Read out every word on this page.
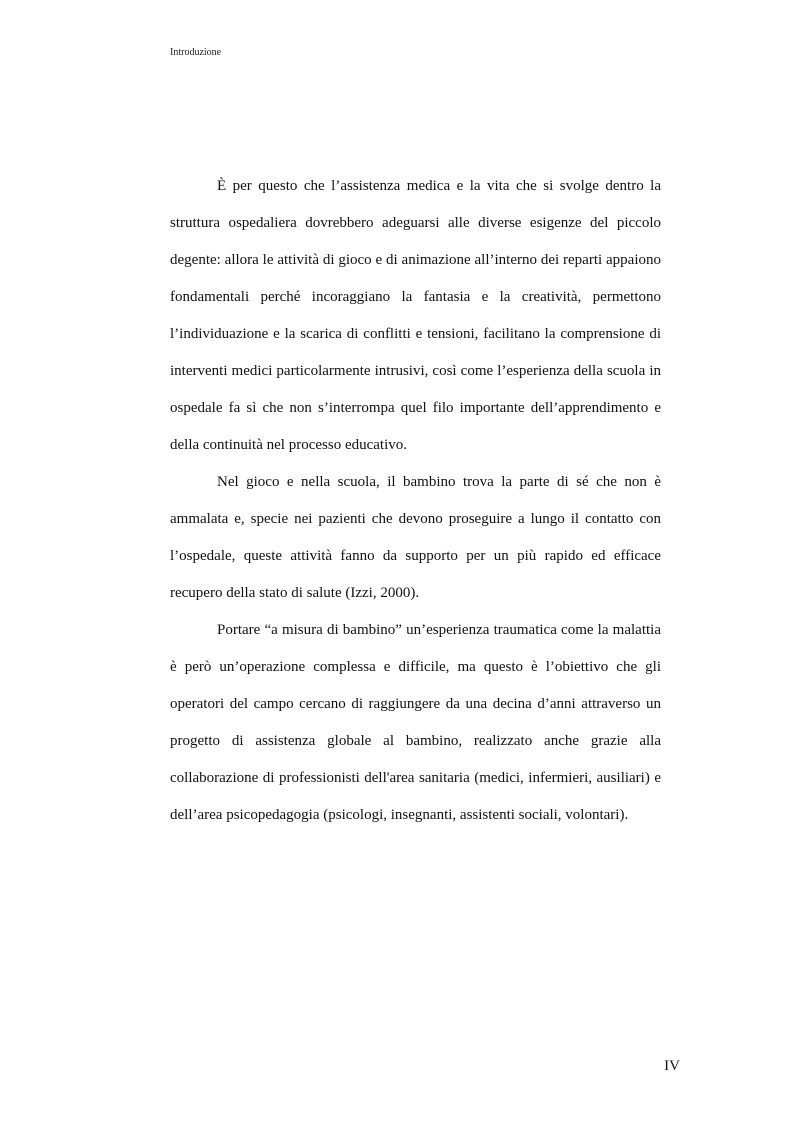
Introduzione

È per questo che l’assistenza medica e la vita che si svolge dentro la struttura ospedaliera dovrebbero adeguarsi alle diverse esigenze del piccolo degente: allora le attività di gioco e di animazione all’interno dei reparti appaiono fondamentali perché incoraggiano la fantasia e la creatività, permettono l’individuazione e la scarica di conflitti e tensioni, facilitano la comprensione di interventi medici particolarmente intrusivi, così come l’esperienza della scuola in ospedale fa sì che non s’interrompa quel filo importante dell’apprendimento e della continuità nel processo educativo.

Nel gioco e nella scuola, il bambino trova la parte di sé che non è ammalata e, specie nei pazienti che devono proseguire a lungo il contatto con l’ospedale, queste attività fanno da supporto per un più rapido ed efficace recupero della stato di salute (Izzi, 2000).

Portare “a misura di bambino” un’esperienza traumatica come la malattia è però un’operazione complessa e difficile, ma questo è l’obiettivo che gli operatori del campo cercano di raggiungere da una decina d’anni attraverso un progetto di assistenza globale al bambino, realizzato anche grazie alla collaborazione di professionisti dell'area sanitaria (medici, infermieri, ausiliari) e dell’area psicopedagogia (psicologi, insegnanti, assistenti sociali, volontari).

IV
